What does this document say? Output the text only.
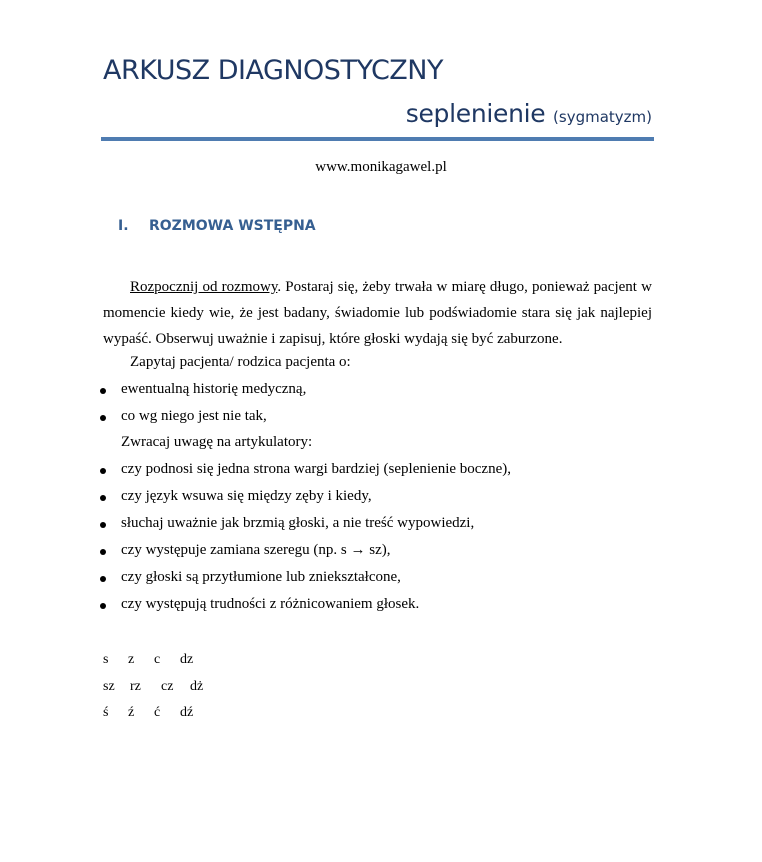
ARKUSZ DIAGNOSTYCZNY
seplenienie (sygmatyzm)
www.monikagawel.pl
I. ROZMOWA WSTĘPNA
Rozpocznij od rozmowy. Postaraj się, żeby trwała w miarę długo, ponieważ pacjent w momencie kiedy wie, że jest badany, świadomie lub podświadomie stara się jak najlepiej wypaść. Obserwuj uważnie i zapisuj, które głoski wydają się być zaburzone.
Zapytaj pacjenta/ rodzica pacjenta o:
ewentualną historię medyczną,
co wg niego jest nie tak,
Zwracaj uwagę na artykulatory:
czy podnosi się jedna strona wargi bardziej (seplenienie boczne),
czy język wsuwa się między zęby i kiedy,
słuchaj uważnie jak brzmią głoski, a nie treść wypowiedzi,
czy występuje zamiana szeregu (np. s → sz),
czy głoski są przytłumione lub zniekształcone,
czy występują trudności z różnicowaniem głosek.
s z c dz
sz rz cz dż
ś ź ć dź
